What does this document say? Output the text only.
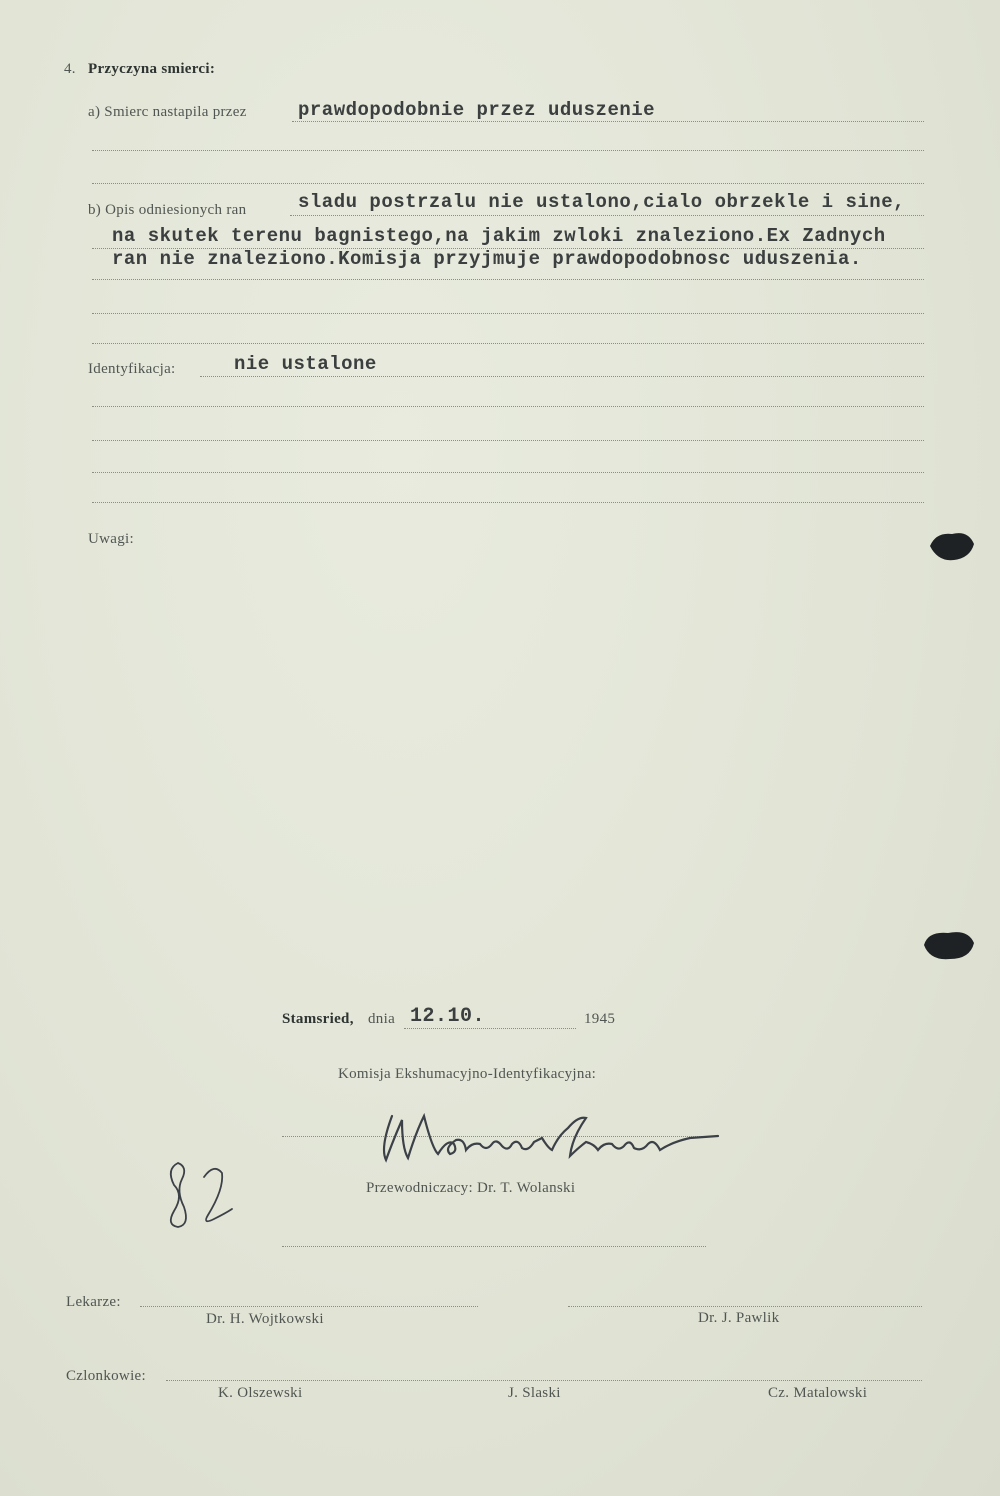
4. Przyczyna smierci:
a) Smierc nastapila przez	prawdopodobnie przez uduszenie
b) Opis odniesionych ran	sladu postrzalu nie ustalono,cialo obrzekle i sine,
na skutek terenu bagnistego,na jakim zwloki znaleziono.Ex Zadnych
ran nie znaleziono.Komisja przyjmuje prawdopodobnosc uduszenia.
Identyfikacja:	nie ustalone
Uwagi:
Stamsried, dnia 12.10.	1945
Komisja Ekshumacyjno-Identyfikacyjna:
82
Przewodniczacy: Dr. T. Wolanski
Lekarze:
Dr. H. Wojtkowski	Dr. J. Pawlik
Czlonkowie:
K. Olszewski	J. Slaski	Cz. Matalowski
